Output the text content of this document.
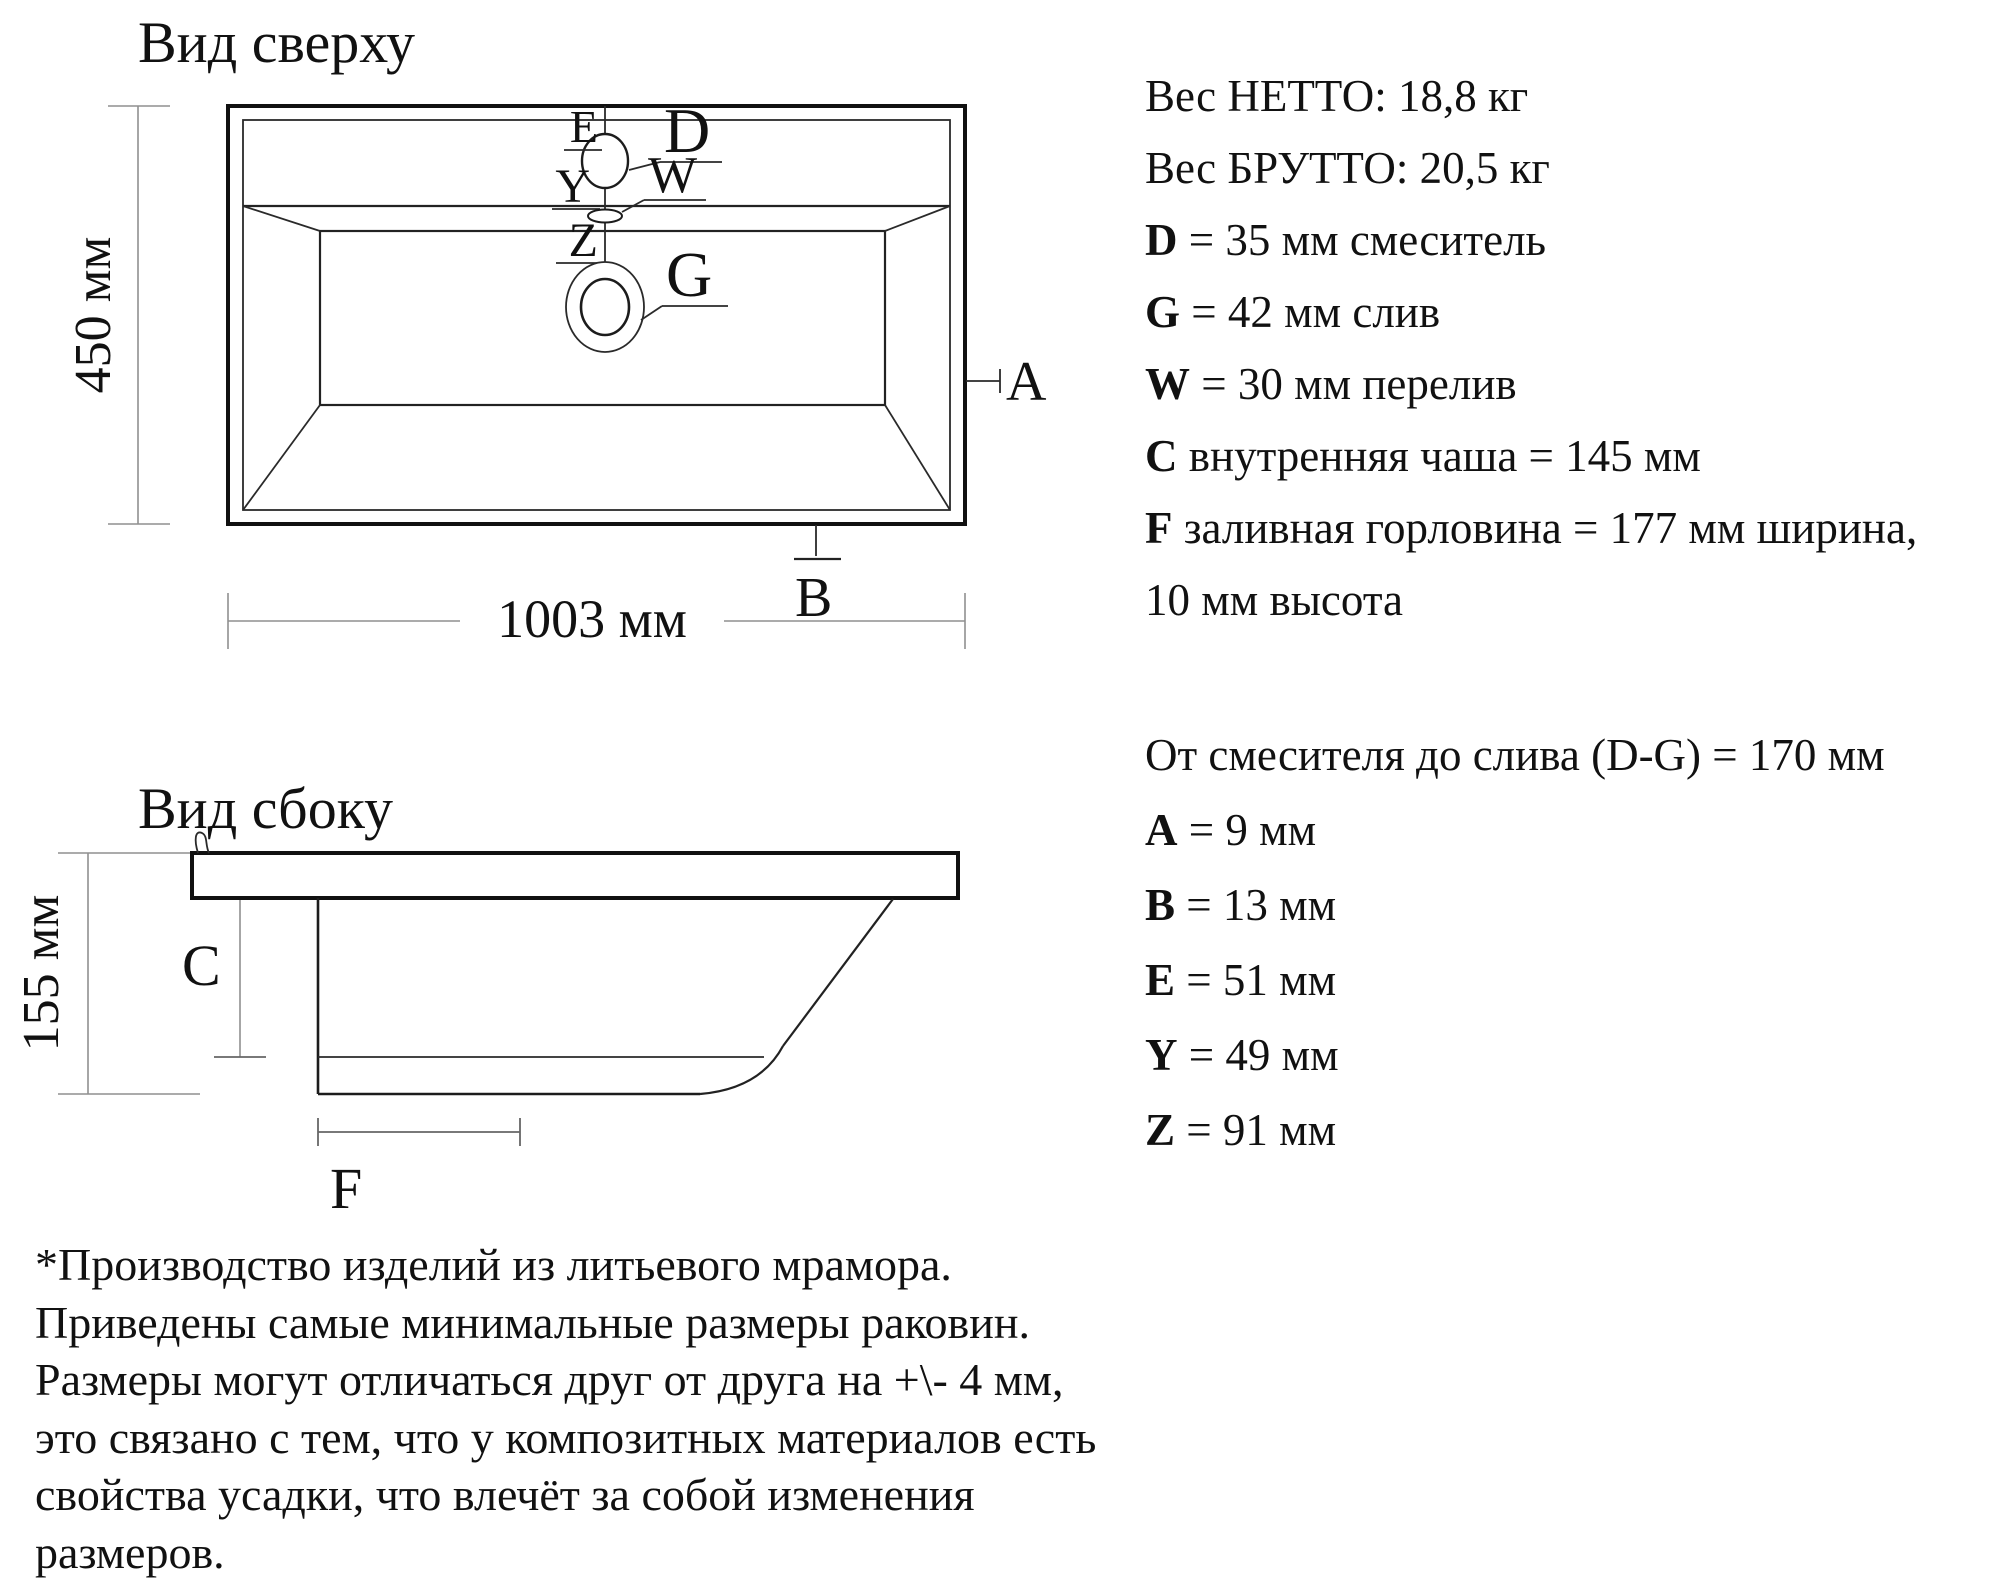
Вид сверху
450 мм
E D
Y W
Z G
A
B
1003 мм
Вид сбоку
155 мм C
F
Вес НЕТТО: 18,8 кг
Вес БРУТТО: 20,5 кг
D = 35 мм смеситель
G = 42 мм слив
W = 30 мм перелив
C внутренняя чаша = 145 мм
F заливная горловина = 177 мм ширина,
10 мм высота
От смесителя до слива (D-G) = 170 мм
A = 9 мм
B = 13 мм
E = 51 мм
Y = 49 мм
Z = 91 мм
*Производство изделий из литьевого мрамора.
Приведены самые минимальные размеры раковин.
Размеры могут отличаться друг от друга на +\- 4 мм,
это связано с тем, что у композитных материалов есть
свойства усадки, что влечёт за собой изменения
размеров.
